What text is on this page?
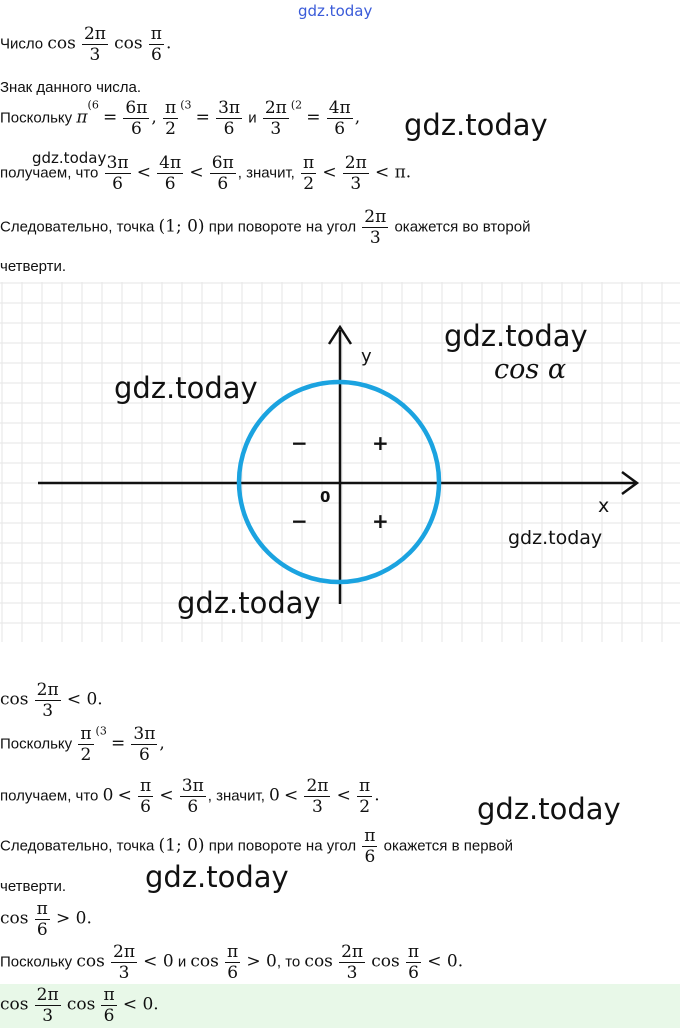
gdz.today
Число $\cos \frac{2\pi}{3}$ $\cos \frac{\pi}{6}$ .
Знак данного числа.
Поскольку $\pi^{(6} = \frac{6\pi}{6}$ , $\frac{\pi}{2} ^{(3} = \frac{3\pi}{6}$ и $\frac{2\pi}{3} ^{(2} = \frac{4\pi}{6}$ , gdz.today
gdz.today
получаем, что $\frac{3\pi}{6} < \frac{4\pi}{6} < \frac{6\pi}{6}$ , значит, $\frac{\pi}{2} < \frac{2\pi}{3} < \pi$.
Следовательно, точка (1; 0) при повороте на угол $\frac{2\pi}{3}$ окажется во второй
четверти.
y
x
0
cos α
−	+
−	+
gdz.today
gdz.today
gdz.today
gdz.today
$\cos \frac{2\pi}{3} < 0$.
Поскольку $\frac{\pi}{2} ^{(3} = \frac{3\pi}{6}$ ,
получаем, что $0 < \frac{\pi}{6} < \frac{3\pi}{6}$ , значит, $0 < \frac{2\pi}{3} < \frac{\pi}{2}$ .	gdz.today
Следовательно, точка (1; 0) при повороте на угол $\frac{\pi}{6}$ окажется в первой
четверти.	gdz.today
$\cos \frac{\pi}{6} > 0$.
Поскольку $\cos \frac{2\pi}{3} < 0$ и $\cos \frac{\pi}{6} > 0$, то $\cos \frac{2\pi}{3}$ $\cos \frac{\pi}{6} < 0$.
$\cos \frac{2\pi}{3}$ $\cos \frac{\pi}{6} < 0$.
